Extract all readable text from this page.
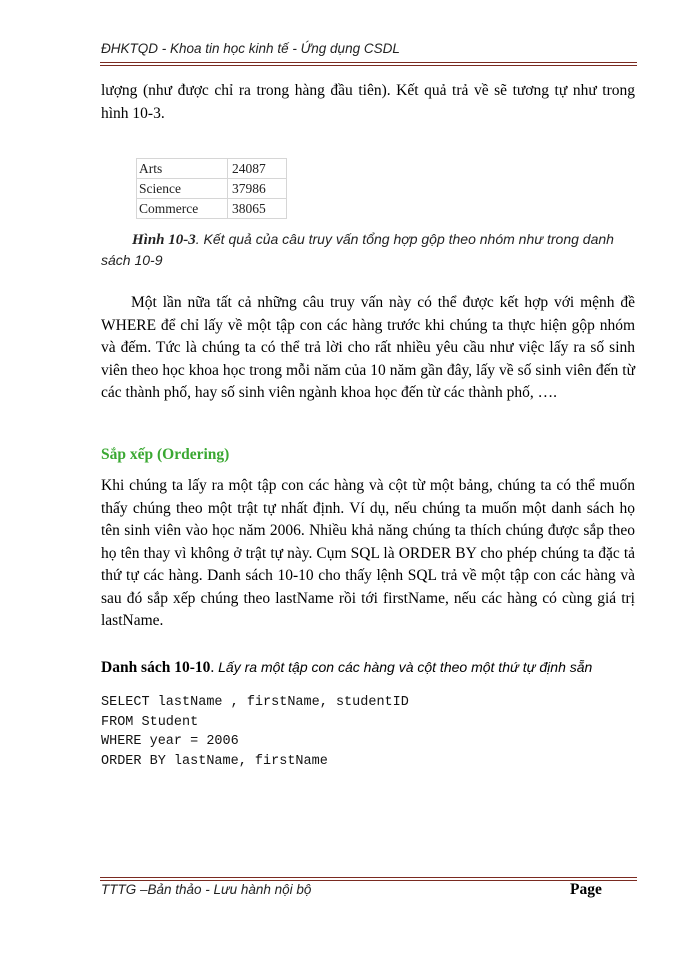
ĐHKTQD - Khoa tin học kinh tế - Ứng dụng CSDL
lượng (như được chỉ ra trong hàng đầu tiên). Kết quả trả về sẽ tương tự như trong hình 10-3.
Arts	24087
Science	37986
Commerce	38065
Hình 10-3. Kết quả của câu truy vấn tổng hợp gộp theo nhóm như trong danh sách 10-9
Một lần nữa tất cả những câu truy vấn này có thể được kết hợp với mệnh đề WHERE để chỉ lấy về một tập con các hàng trước khi chúng ta thực hiện gộp nhóm và đếm. Tức là chúng ta có thể trả lời cho rất nhiều yêu cầu như việc lấy ra số sinh viên theo học khoa học trong mỗi năm của 10 năm gần đây, lấy về số sinh viên đến từ các thành phố, hay số sinh viên ngành khoa học đến từ các thành phố, ….
Sắp xếp (Ordering)
Khi chúng ta lấy ra một tập con các hàng và cột từ một bảng, chúng ta có thể muốn thấy chúng theo một trật tự nhất định. Ví dụ, nếu chúng ta muốn một danh sách họ tên sinh viên vào học năm 2006. Nhiều khả năng chúng ta thích chúng được sắp theo họ tên thay vì không ở trật tự này. Cụm SQL là ORDER BY cho phép chúng ta đặc tả thứ tự các hàng. Danh sách 10-10 cho thấy lệnh SQL trả về một tập con các hàng và sau đó sắp xếp chúng theo lastName rồi tới firstName, nếu các hàng có cùng giá trị lastName.
Danh sách 10-10. Lấy ra một tập con các hàng và cột theo một thứ tự định sẵn
SELECT lastName , firstName, studentID
FROM Student
WHERE year = 2006
ORDER BY lastName, firstName
TTTG –Bản thảo - Lưu hành nội bộ	Page
